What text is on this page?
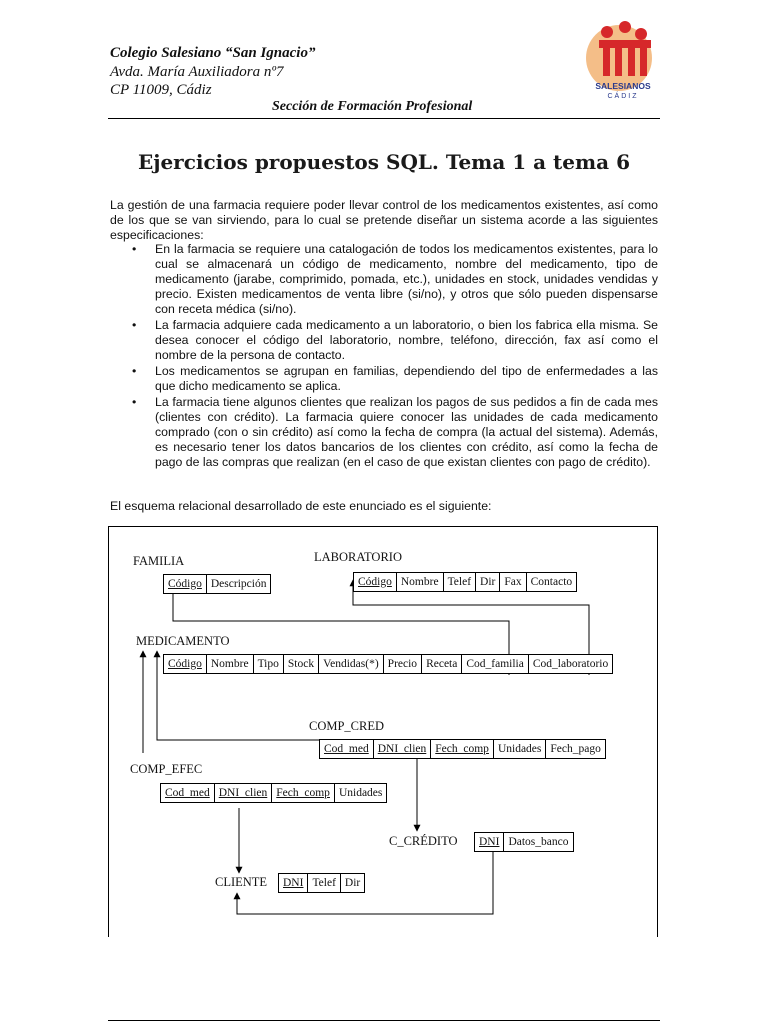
Colegio Salesiano “San Ignacio”
Avda. María Auxiliadora nº7
CP 11009, Cádiz
Sección de Formación Profesional
SALESIANOS
CÁDIZ
Ejercicios propuestos SQL. Tema 1 a tema 6
La gestión de una farmacia requiere poder llevar control de los medicamentos existentes, así como de los que se van sirviendo, para lo cual se pretende diseñar un sistema acorde a las siguientes especificaciones:
• En la farmacia se requiere una catalogación de todos los medicamentos existentes, para lo cual se almacenará un código de medicamento, nombre del medicamento, tipo de medicamento (jarabe, comprimido, pomada, etc.), unidades en stock, unidades vendidas y precio. Existen medicamentos de venta libre (si/no), y otros que sólo pueden dispensarse con receta médica (si/no).
• La farmacia adquiere cada medicamento a un laboratorio, o bien los fabrica ella misma. Se desea conocer el código del laboratorio, nombre, teléfono, dirección, fax así como el nombre de la persona de contacto.
• Los medicamentos se agrupan en familias, dependiendo del tipo de enfermedades a las que dicho medicamento se aplica.
• La farmacia tiene algunos clientes que realizan los pagos de sus pedidos a fin de cada mes (clientes con crédito). La farmacia quiere conocer las unidades de cada medicamento comprado (con o sin crédito) así como la fecha de compra (la actual del sistema). Además, es necesario tener los datos bancarios de los clientes con crédito, así como la fecha de pago de las compras que realizan (en el caso de que existan clientes con pago de crédito).
El esquema relacional desarrollado de este enunciado es el siguiente:
FAMILIA
Código Descripción
LABORATORIO
Código Nombre Telef Dir Fax Contacto
MEDICAMENTO
Código Nombre Tipo Stock Vendidas(*) Precio Receta Cod_familia Cod_laboratorio
COMP_CRED
Cod_med DNI_clien Fech_comp Unidades Fech_pago
COMP_EFEC
Cod_med DNI_clien Fech_comp Unidades
C_CRÉDITO	DNI Datos_banco
CLIENTE	DNI Telef Dir
